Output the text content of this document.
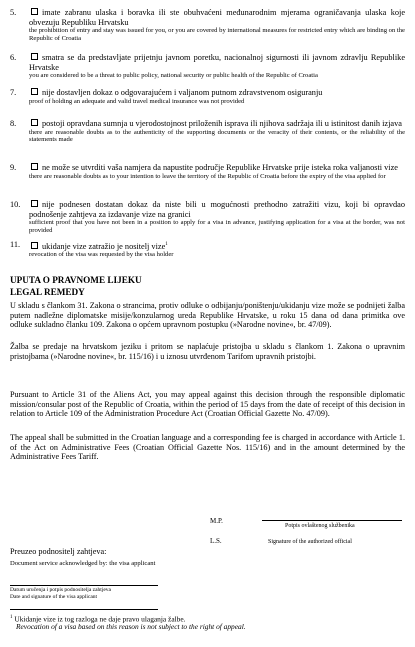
5.	imate zabranu ulaska i boravka ili ste obuhvaćeni međunarodnim mjerama ograničavanja ulaska koje obvezuju Republiku Hrvatsku
the prohibition of entry and stay was issued for you, or you are covered by international measures for restricted entry which are binding on the Republic of Croatia
6.	smatra se da predstavljate prijetnju javnom poretku, nacionalnoj sigurnosti ili javnom zdravlju Republike Hrvatske
you are considered to be a threat to public policy, national security or public health of the Republic of Croatia
7.	nije dostavljen dokaz o odgovarajućem i valjanom putnom zdravstvenom osiguranju
proof of holding an adequate and valid travel medical insurance was not provided
8.	postoji opravdana sumnja u vjerodostojnost priloženih isprava ili njihova sadržaja ili u istinitost danih izjava
there are reasonable doubts as to the authenticity of the supporting documents or the veracity of their contents, or the reliability of the statements made
9.	ne može se utvrditi vaša namjera da napustite područje Republike Hrvatske prije isteka roka valjanosti vize
there are reasonable doubts as to your intention to leave the territory of the Republic of Croatia before the expiry of the visa applied for
10.	nije podnesen dostatan dokaz da niste bili u mogućnosti prethodno zatražiti vizu, koji bi opravdao podnošenje zahtjeva za izdavanje vize na granici
sufficient proof that you have not been in a position to apply for a visa in advance, justifying application for a visa at the border, was not provided
11.	ukidanje vize zatražio je nositelj vize$^1$
revocation of the visa was requested by the visa holder
UPUTA O PRAVNOME LIJEKU
LEGAL REMEDY

U skladu s člankom 31. Zakona o strancima, protiv odluke o odbijanju/poništenju/ukidanju vize može se podnijeti žalba putem nadležne diplomatske misije/konzularnog ureda Republike Hrvatske, u roku 15 dana od dana primitka ove odluke sukladno članku 109. Zakona o općem upravnom postupku (»Narodne novine«, br. 47/09).

Žalba se predaje na hrvatskom jeziku i pritom se naplaćuje pristojba u skladu s člankom 1. Zakona o upravnim pristojbama (»Narodne novine«, br. 115/16) i u iznosu utvrđenom Tarifom upravnih pristojbi.

Pursuant to Article 31 of the Aliens Act, you may appeal against this decision through the responsible diplomatic mission/consular post of the Republic of Croatia, within the period of 15 days from the date of receipt of this decision in relation to Article 109 of the Administration Procedure Act (Croatian Official Gazette No. 47/09).

The appeal shall be submitted in the Croatian language and a corresponding fee is charged in accordance with Article 1. of the Act on Administrative Fees (Croatian Official Gazette Nos. 115/16) and in the amount determined by the Administrative Fees Tariff.

M.P.
Potpis ovlaštenog službenika
L.S.	Signature of the authorized official
Preuzeo podnositelj zahtjeva:
Document service acknowledged by: the visa applicant
Datum uručenja i potpis podnositelja zahtjeva
Date and signature of the visa applicant
$^1$ Ukidanje vize iz tog razloga ne daje pravo ulaganja žalbe.
Revocation of a visa based on this reason is not subject to the right of appeal.
